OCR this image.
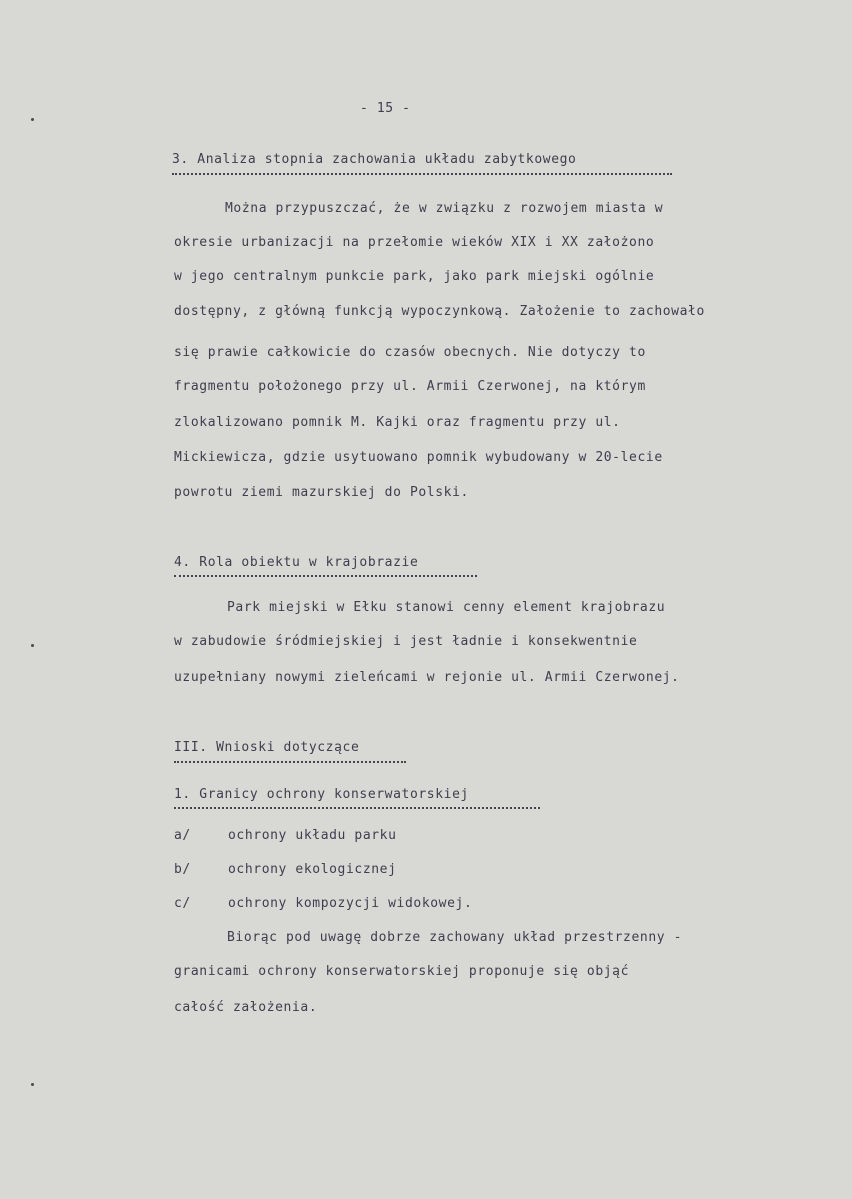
- 15 -
3. Analiza stopnia zachowania układu zabytkowego
Można przypuszczać, że w związku z rozwojem miasta w
okresie urbanizacji na przełomie wieków XIX i XX założono
w jego centralnym punkcie park, jako park miejski ogólnie
dostępny, z główną funkcją wypoczynkową. Założenie to zachowało
się prawie całkowicie do czasów obecnych. Nie dotyczy to
fragmentu położonego przy ul. Armii Czerwonej, na którym
zlokalizowano pomnik M. Kajki oraz fragmentu przy ul.
Mickiewicza, gdzie usytuowano pomnik wybudowany w 20-lecie
powrotu ziemi mazurskiej do Polski.
4. Rola obiektu w krajobrazie
Park miejski w Ełku stanowi cenny element krajobrazu
w zabudowie śródmiejskiej i jest ładnie i konsekwentnie
uzupełniany nowymi zieleńcami w rejonie ul. Armii Czerwonej.
III. Wnioski dotyczące
1. Granicy ochrony konserwatorskiej
a/	ochrony układu parku
b/	ochrony ekologicznej
c/	ochrony kompozycji widokowej.
Biorąc pod uwagę dobrze zachowany układ przestrzenny -
granicami ochrony konserwatorskiej proponuje się objąć
całość założenia.
